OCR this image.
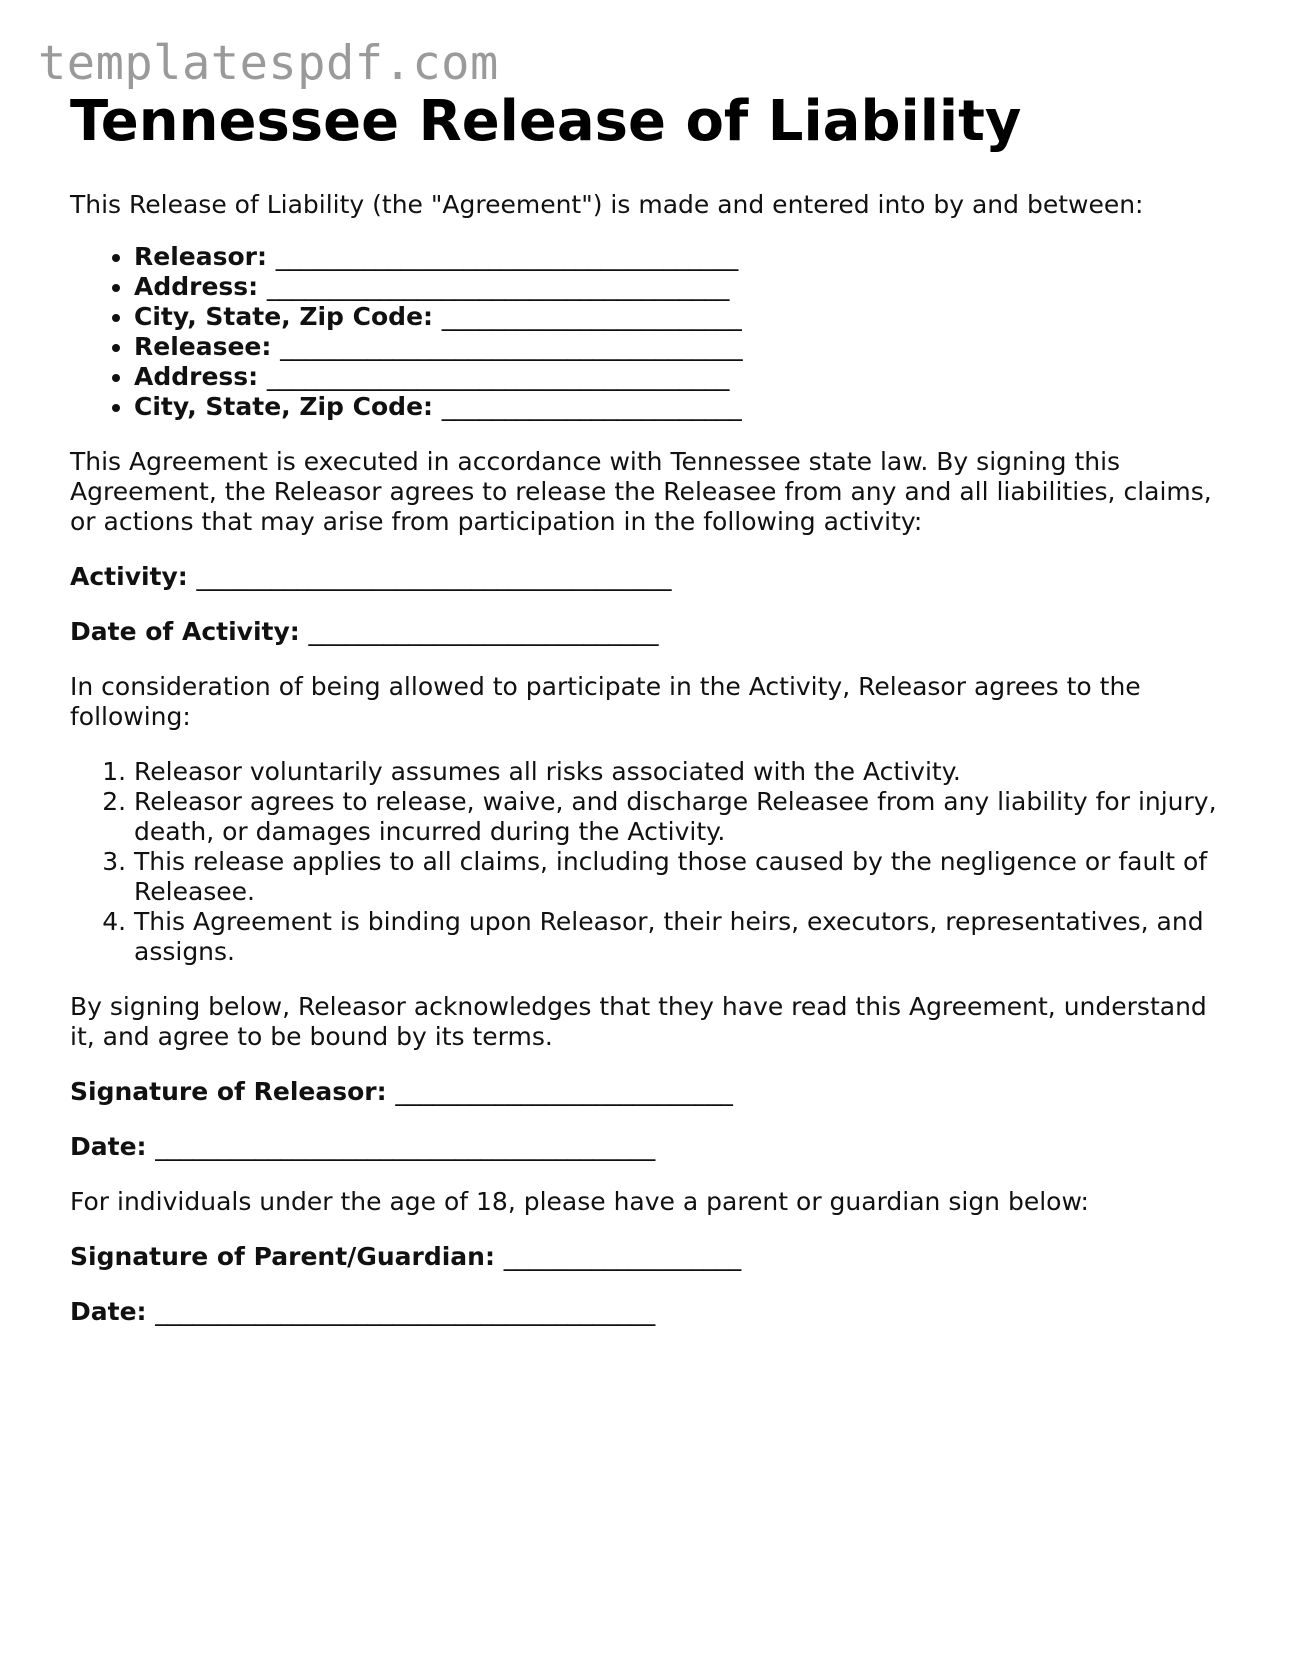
templatespdf.com
Tennessee Release of Liability

This Release of Liability (the "Agreement") is made and entered into by and between:

• Releasor: _____________________________________
• Address: _____________________________________
• City, State, Zip Code: ________________________
• Releasee: _____________________________________
• Address: _____________________________________
• City, State, Zip Code: ________________________

This Agreement is executed in accordance with Tennessee state law. By signing this Agreement, the Releasor agrees to release the Releasee from any and all liabilities, claims, or actions that may arise from participation in the following activity:

Activity: ______________________________________
Date of Activity: ____________________________

In consideration of being allowed to participate in the Activity, Releasor agrees to the following:

1. Releasor voluntarily assumes all risks associated with the Activity.
2. Releasor agrees to release, waive, and discharge Releasee from any liability for injury, death, or damages incurred during the Activity.
3. This release applies to all claims, including those caused by the negligence or fault of Releasee.
4. This Agreement is binding upon Releasor, their heirs, executors, representatives, and assigns.

By signing below, Releasor acknowledges that they have read this Agreement, understand it, and agree to be bound by its terms.

Signature of Releasor: ___________________________
Date: ________________________________________

For individuals under the age of 18, please have a parent or guardian sign below:

Signature of Parent/Guardian: ___________________
Date: ________________________________________
